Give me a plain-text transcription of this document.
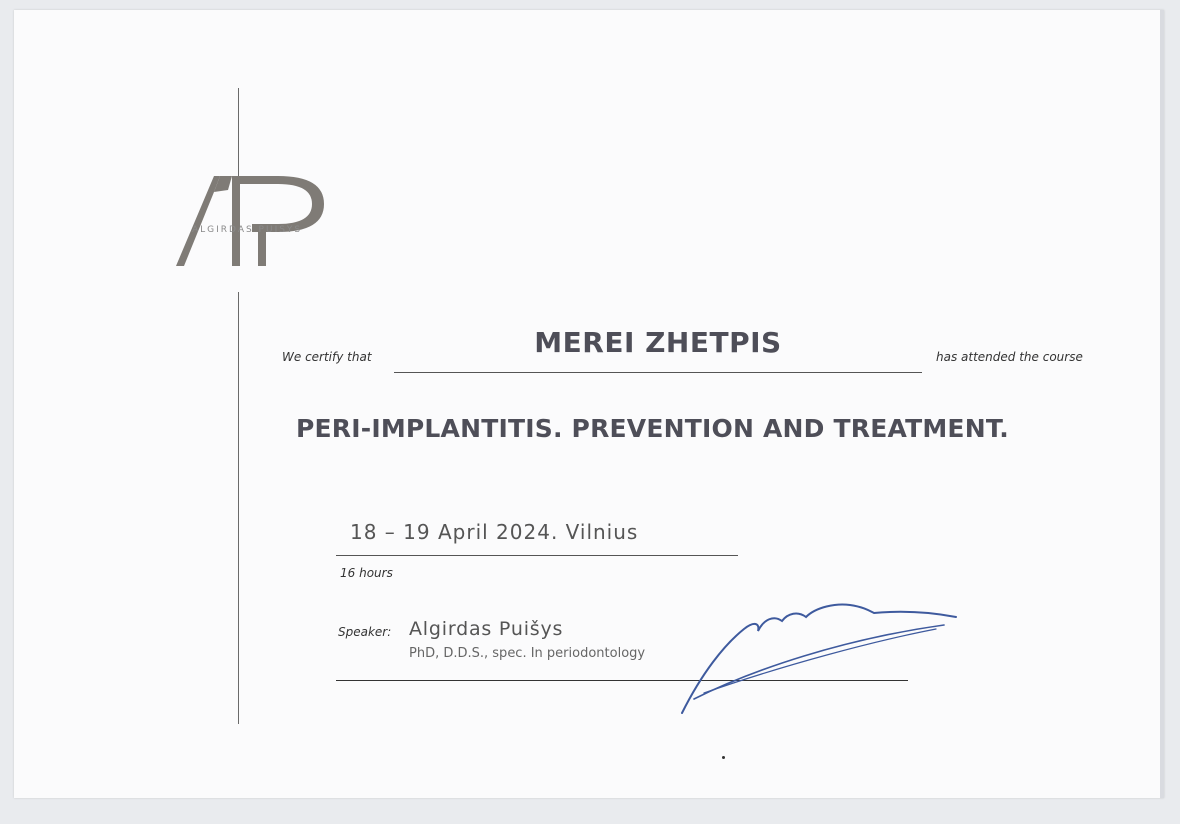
ALGIRDAS PUISYS
We certify that	MEREI ZHETPIS	has attended the course
PERI-IMPLANTITIS. PREVENTION AND TREATMENT.
18 – 19 April 2024. Vilnius
16 hours
Speaker: Algirdas Puišys
PhD, D.D.S., spec. In periodontology
